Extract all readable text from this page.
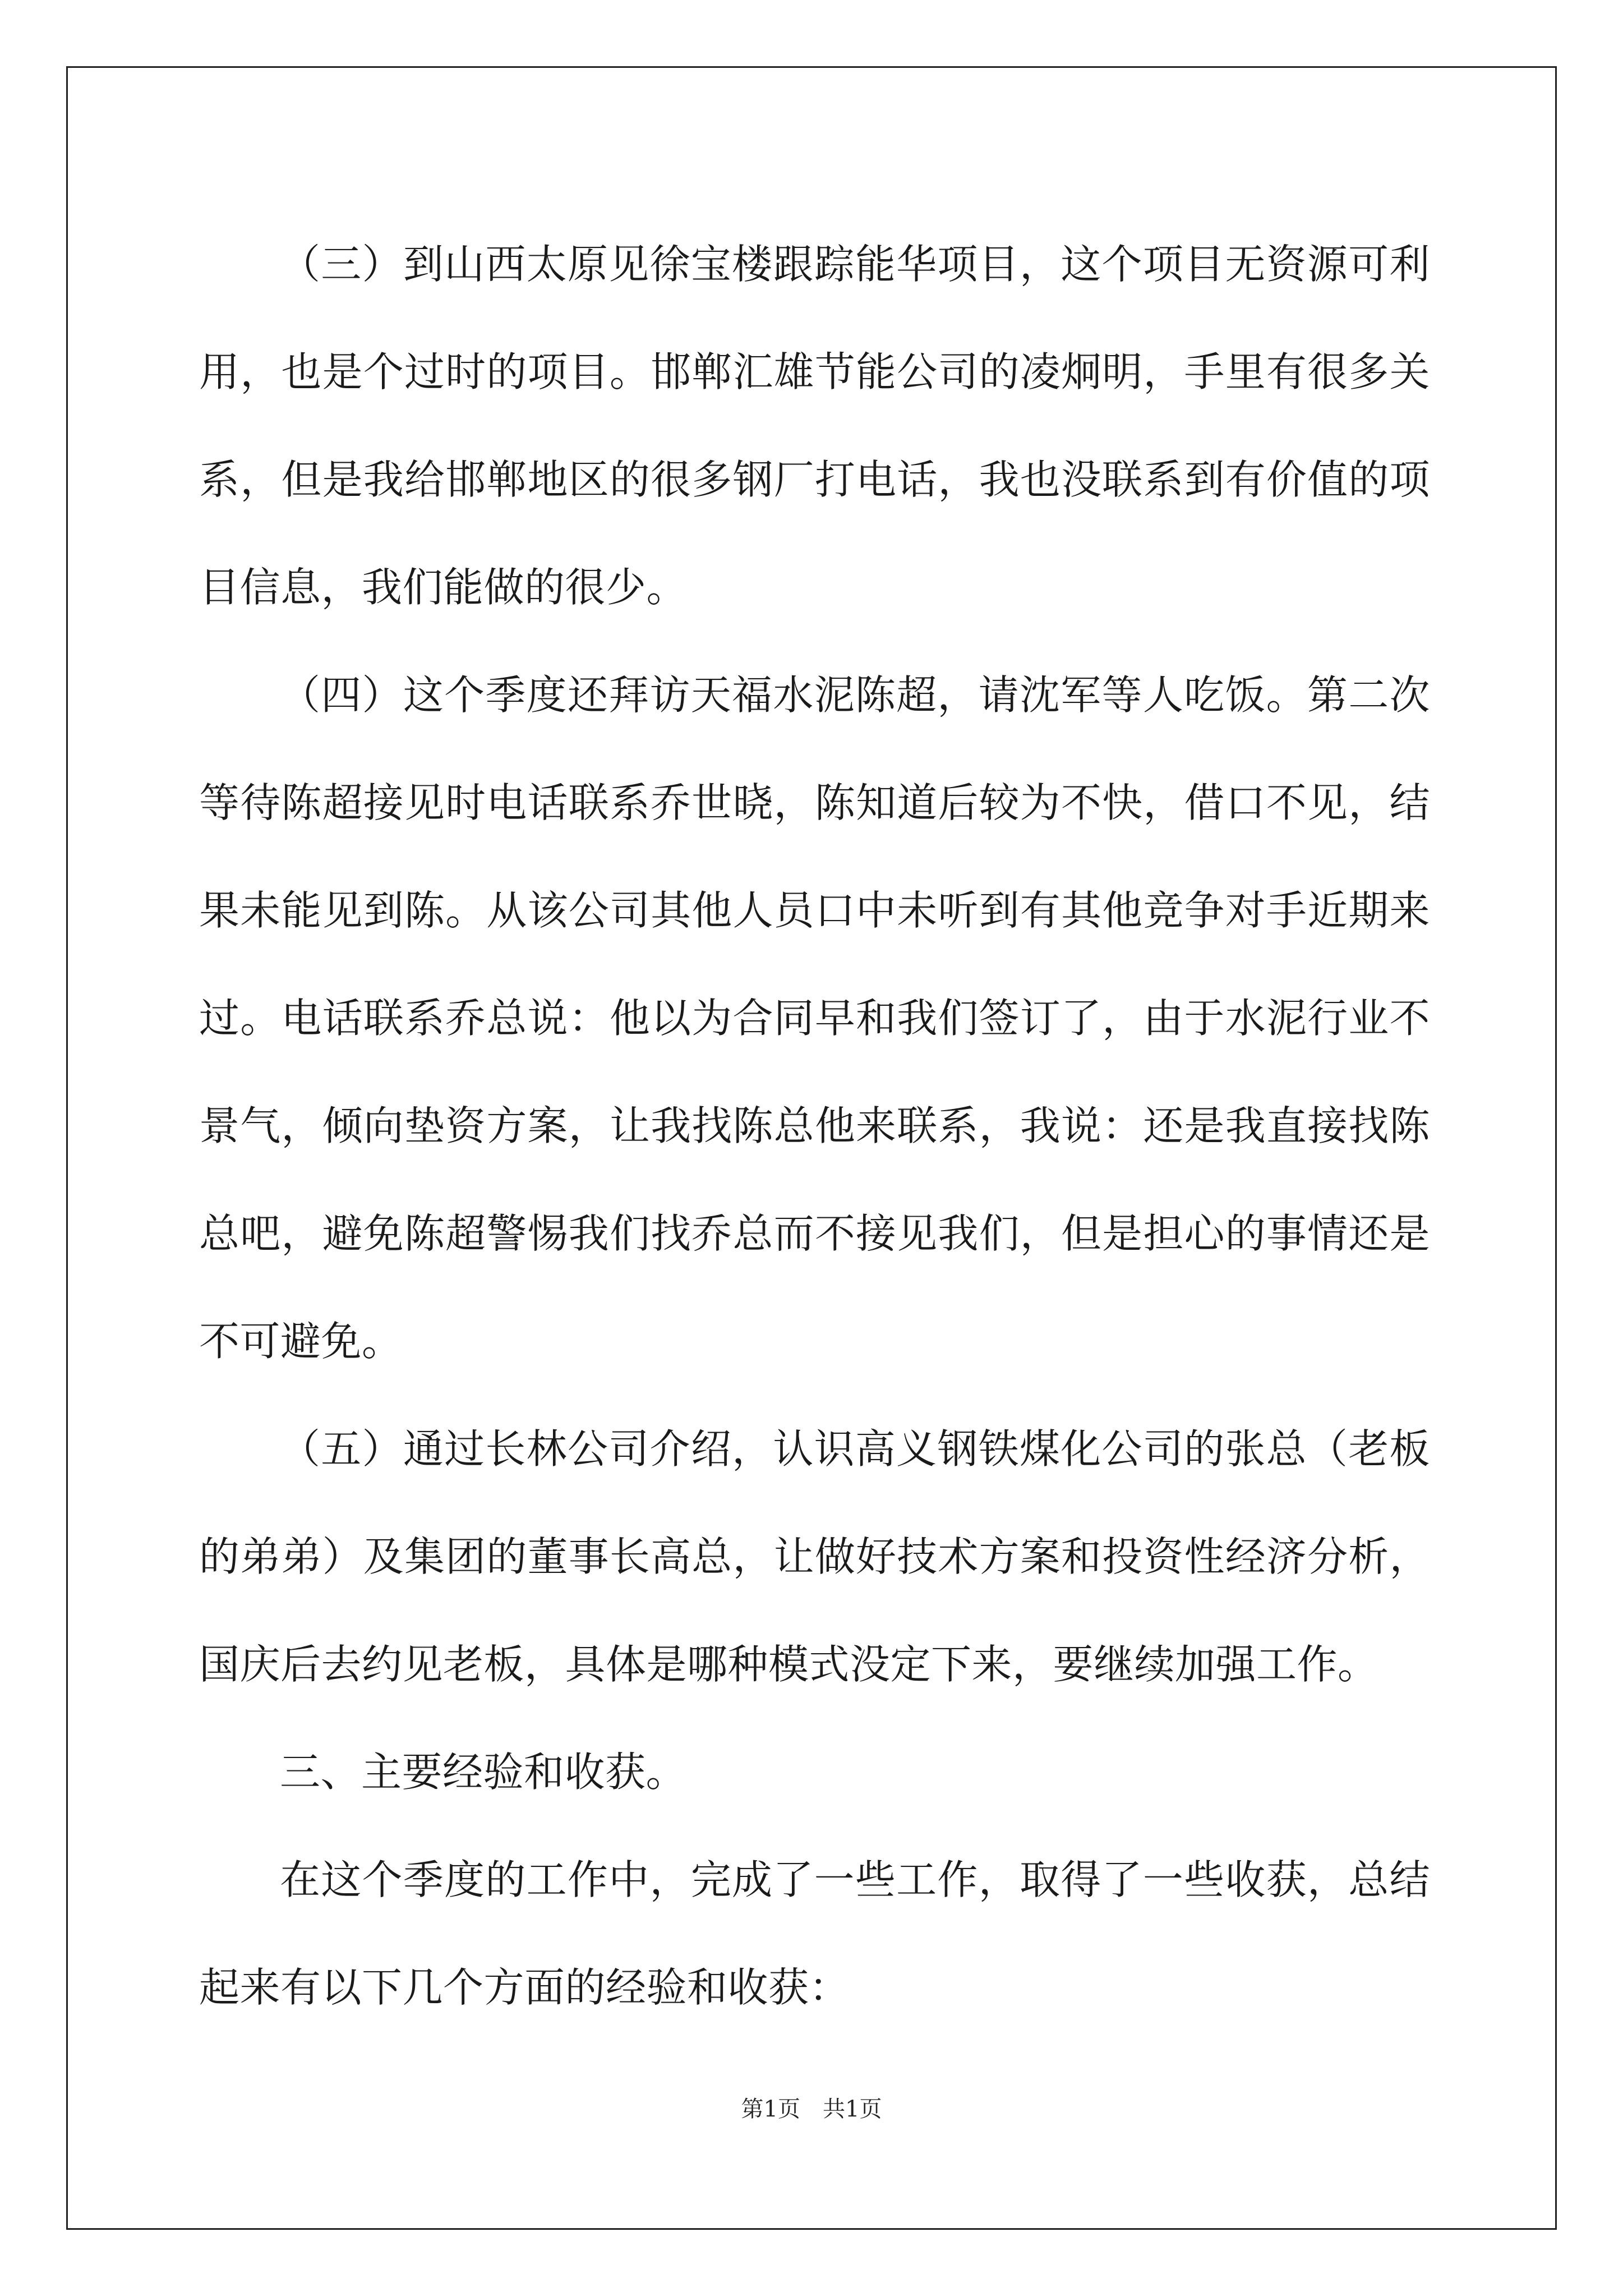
（三）到山西太原见徐宝楼跟踪能华项目，这个项目无资源可利用，也是个过时的项目。邯郸汇雄节能公司的凌炯明，手里有很多关系，但是我给邯郸地区的很多钢厂打电话，我也没联系到有价值的项目信息，我们能做的很少。

（四）这个季度还拜访天福水泥陈超，请沈军等人吃饭。第二次等待陈超接见时电话联系乔世晓，陈知道后较为不快，借口不见，结果未能见到陈。从该公司其他人员口中未听到有其他竞争对手近期来过。电话联系乔总说：他以为合同早和我们签订了，由于水泥行业不景气，倾向垫资方案，让我找陈总他来联系，我说：还是我直接找陈总吧，避免陈超警惕我们找乔总而不接见我们，但是担心的事情还是不可避免。

（五）通过长林公司介绍，认识高义钢铁煤化公司的张总（老板的弟弟）及集团的董事长高总，让做好技术方案和投资性经济分析，国庆后去约见老板，具体是哪种模式没定下来，要继续加强工作。

三、主要经验和收获。

在这个季度的工作中，完成了一些工作，取得了一些收获，总结起来有以下几个方面的经验和收获：

第1页　共1页
